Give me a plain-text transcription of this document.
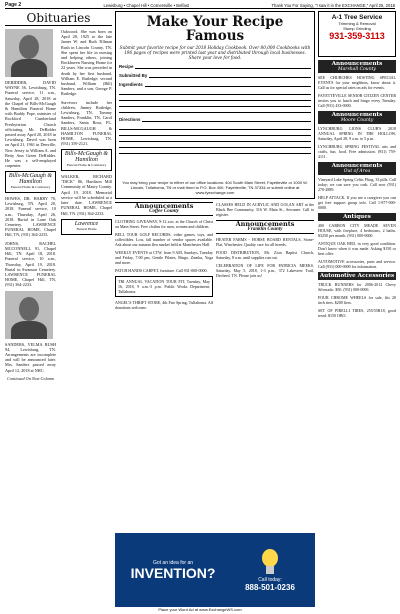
Page 2	Lewisburg • Chapel Hill • Cornersville • Belfast	Thank You For Saying, "I saw it in the EXCHANGE," April 25, 2018
Obituaries

DERIDDER, DAVID WAYNE 56, Lewisburg, TN. Funeral service, 11 a.m., Saturday, April 28, 2018 at the Chapel of Bills-McGaugh & Hamilton Funeral Home with Buddy Pope, minister of Rockford Cumberland Presbyterian Church officiating. Mr. DeRidder passed away April 20, 2018 in Lewisburg. David was born on April 21, 1961 in Denville, New Jersey to William A. and Betty Ann Green DeRidder. He was a self-employed carpenter.

Bills-McGaugh & Hamilton
Funeral Home & Crematory

HOWES, DR. HARRY 70, Lewisburg, TN. April 20, 2018. Funeral service, 10 a.m., Thursday, April 26, 2018. Burial in Lone Oak Cemetery. LAWRENCE FUNERAL HOME, Chapel Hill, TN, (931) 364-2233.

JOHNS, RACHEL MCCONNELL 91, Chapel Hill, TN. April 18, 2018. Funeral service, 10 a.m., Thursday, April 19, 2018. Burial in Swanson Cemetery. LAWRENCE FUNERAL HOME, Chapel Hill, TN, (931) 364-2233.

SANDERS, VELMA RUSH 94, Lewisburg, TN. Arrangements are incomplete and will be announced later. Mrs. Sanders passed away April 12, 2018 at NHC.

Continued On Next Column

Oakwood. She was born on April 28, 1925 to the late James W. and Ruth Tillman Rush in Lincoln County, TN. She spent her life in nursing and helping others, joining Bockhaven Nursing Home for 22 years. She was preceded in death by her first husband, William E. Rutledge; second husband, William (Bill) Sanders; and a son, George P. Rutledge.

Survivors include her children, Jimmy Rutledge, Lewisburg, TN, Tommy Sanders, Franklin, TN, Carol Sanders, Santa Rosa, FL. BILLS-MCGAUGH & HAMILTON FUNERAL HOME, Lewisburg, TN. (931) 359-2121.

Bills-McGaugh & Hamilton
Funeral Home & Crematory

WALKER, RICHARD "DICK" 86, Hardison Mill Community of Maury County. April 19, 2018. Memorial service will be scheduled at a later date. LAWRENCE FUNERAL HOME, Chapel Hill, TN. (931) 364-2233.

Lawrence
Funeral Home
Make Your Recipe Famous
Submit your favorite recipe for our 2018 Holiday Cookbook. Over 80,000 Cookbooks with 196 pages of recipes were printed last year and distributed through local businesses. Share your love for food.
Recipe
Submitted By
Ingredients
Directions
You may bring your recipe to either of our office locations: 404 South Main Street, Fayetteville or 1000 W. Lincoln, Tullahoma, TN or mail them to P.O. Box 400, Fayetteville, TN 37334 or submit online at www.fyexchange.com
Announcements
Coffee County

CLOTHING GIVEAWAY, 9-12 a.m. at the Church of Christ on Main Street. Free clothes for men, women and children.

BELL TOUR GOLF RECORDS, video games, toys, and collectibles. Low, fall number of vendor spaces available. Ask about our autumn flea market held at Manchester Hall.

WEEKLY EVENTS at CTW, from 9 AM, Sundays, Tuesday and Friday, 7:00 pm, Gentle Pilates, Bingo, Zumba, Yoga and more.

PATCH HANDS CARPET, furniture. Call 931-000-0000.

TRI ANNUAL VACATION TOUR FIT, Tuesday, May 16, 2018, 9 a.m.-3 p.m. Public Works Department, Tullahoma.

ANGEL'S THRIFT STORE, 4th Fair Spring, Tullahoma. All donations welcome.

CLASSES HELD IN ACRYLIC AND GOLAN ART at the Black Bee Community, 316 W. Main St., Sewanee. Call to register.

Announcements
Franklin County

HEATER FARMS - HORSE BOARD RENTALS, Stone-Flat, Winchester. Quality care for all breeds.

FOOD DISTRIBUTION, Mt. Zion Baptist Church, Saturday, 8 a.m. until supplies run out.

CELEBRATION OF LIFE FOR PATRICIA MEEKS, Saturday, May 5, 2018, 1-3 p.m., 372 Lakeview Trail, Decherd, TN. Please join us!

Got an idea for an
INVENTION?	Call today:
888-501-0236
A-1 Tree Service
Trimming & Removal
Stump Grinding
931-359-3113
Announcements
Marshall County

SEE CHURCHES HOSTING SPECIAL EVENTS for your neighbors, know about it. Call us for special rates on ads for events.

FAYETTEVILLE SENIOR CITIZEN CENTER invites you to lunch and bingo every Tuesday. Call (931) 433-0000.

Announcements
Moore County

LYNCHBURG LIONS CLUB'S 2018 ANNUAL SPRING IN THE HOLLOW, Saturday, April 28, 9 a.m. to 5 p.m.

LYNCHBURG SPRING FESTIVAL arts and crafts, fun, food. Free admission. (931) 759-4111.

Announcements
Out of Area

Vineyard Lake Spring Celtic Fling, 33 pills. Call today; we can save you cash. Call now (931) 270-2889.

HELP ATTACK. If you are a caregiver you can get free support group info. Call 1-877-000-0000.

Antiques

400 CARBON CITY MEADE SEVEN HOUSE, with fireplace, 4 bedrooms, 2 baths. $3250 per month. (931) 000-0000.

ANTIQUE OAK BED, in very good condition. Don't know when it was made. Asking $150 or best offer.

AUTOMOTIVE accessories, parts and service. Call (931) 000-0000 for information.

Automotive Accessories

TRUCK RUNNERS for 2006-2012 Chevy Silverado. $50. (931) 000-0000.

FOUR CHROME WHEELS for sale, fits 20 inch tires. $200 firm.

SET OF PIRELLI TIRES, 255/55R18, good tread. $150 OBO.

Place your Word Ad at www.ExchangeWS.com
